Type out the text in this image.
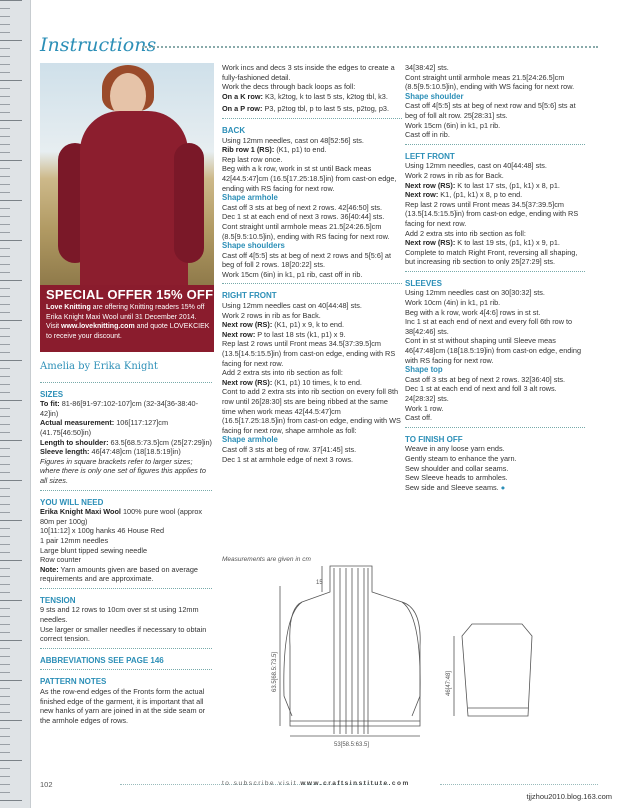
Instructions
SPECIAL OFFER 15% OFF
Love Knitting are offering Knitting readers 15% off Erika Knight Maxi Wool until 31 December 2014.
Visit www.loveknitting.com and quote LOVEKCIEK to receive your discount.

Amelia by Erika Knight

SIZES

To fit: 81-86[91-97:102-107]cm (32-34[36-38:40-42]in)

Actual measurement: 106[117:127]cm (41.75[46:50]in)

Length to shoulder: 63.5[68.5:73.5]cm (25[27:29]in)

Sleeve length: 46[47:48]cm (18[18.5:19]in)

Figures in square brackets refer to larger sizes; where there is only one set of figures this applies to all sizes.

YOU WILL NEED

Erika Knight Maxi Wool 100% pure wool (approx 80m per 100g)

10[11:12] x 100g hanks 46 House Red

1 pair 12mm needles

Large blunt tipped sewing needle

Row counter

Note: Yarn amounts given are based on average requirements and are approximate.

TENSION

9 sts and 12 rows to 10cm over st st using 12mm needles.

Use larger or smaller needles if necessary to obtain correct tension.

ABBREVIATIONS SEE PAGE 146

PATTERN NOTES

As the row-end edges of the Fronts form the actual finished edge of the garment, it is important that all new hanks of yarn are joined in at the side seam or the armhole edges of rows.

Work incs and decs 3 sts inside the edges to create a fully-fashioned detail.

Work the decs through back loops as foll:

On a K row: K3, k2tog, k to last 5 sts, k2tog tbl, k3.

On a P row: P3, p2tog tbl, p to last 5 sts, p2tog, p3.

BACK

Using 12mm needles, cast on 48[52:56] sts.

Rib row 1 (RS): (K1, p1) to end.

Rep last row once.

Beg with a k row, work in st st until Back meas 42[44.5:47]cm (16.5[17.25:18.5]in) from cast-on edge, ending with RS facing for next row.

Shape armhole

Cast off 3 sts at beg of next 2 rows. 42[46:50] sts.

Dec 1 st at each end of next 3 rows. 36[40:44] sts.

Cont straight until armhole meas 21.5[24:26.5]cm (8.5[9.5:10.5]in), ending with RS facing for next row.

Shape shoulders

Cast off 4[5:5] sts at beg of next 2 rows and 5[5:6] at beg of foll 2 rows. 18[20:22] sts.

Work 15cm (6in) in k1, p1 rib, cast off in rib.

RIGHT FRONT

Using 12mm needles cast on 40[44:48] sts.

Work 2 rows in rib as for Back.

Next row (RS): (K1, p1) x 9, k to end.

Next row: P to last 18 sts (k1, p1) x 9.

Rep last 2 rows until Front meas 34.5[37:39.5]cm (13.5[14.5:15.5]in) from cast-on edge, ending with RS facing for next row.

Add 2 extra sts into rib section as foll:

Next row (RS): (K1, p1) 10 times, k to end.

Cont to add 2 extra sts into rib section on every foll 8th row until 26[28:30] sts are being ribbed at the same time when work meas 42[44.5:47]cm (16.5[17.25:18.5]in) from cast-on edge, ending with WS facing for next row, shape armhole as foll:

Shape armhole

Cast off 3 sts at beg of row. 37[41:45] sts.

Dec 1 st at armhole edge of next 3 rows.

34[38:42] sts.

Cont straight until armhole meas 21.5[24:26.5]cm (8.5[9.5:10.5]in), ending with WS facing for next row.

Shape shoulder

Cast off 4[5:5] sts at beg of next row and 5[5:6] sts at beg of foll alt row. 25[28:31] sts.

Work 15cm (6in) in k1, p1 rib.

Cast off in rib.

LEFT FRONT

Using 12mm needles, cast on 40[44:48] sts.

Work 2 rows in rib as for Back.

Next row (RS): K to last 17 sts, (p1, k1) x 8, p1.

Next row: K1, (p1, k1) x 8, p to end.

Rep last 2 rows until Front meas 34.5[37:39.5]cm (13.5[14.5:15.5]in) from cast-on edge, ending with RS facing for next row.

Add 2 extra sts into rib section as foll:

Next row (RS): K to last 19 sts, (p1, k1) x 9, p1.

Complete to match Right Front, reversing all shaping, but increasing rib section to only 25[27:29] sts.

SLEEVES

Using 12mm needles cast on 30[30:32] sts.

Work 10cm (4in) in k1, p1 rib.

Beg with a k row, work 4[4:6] rows in st st.

Inc 1 st at each end of next and every foll 6th row to 38[42:46] sts.

Cont in st st without shaping until Sleeve meas 46[47:48]cm (18[18.5:19]in) from cast-on edge, ending with RS facing for next row.

Shape top

Cast off 3 sts at beg of next 2 rows. 32[36:40] sts.

Dec 1 st at each end of next and foll 3 alt rows. 24[28:32] sts.

Work 1 row.

Cast off.

TO FINISH OFF

Weave in any loose yarn ends.

Gently steam to enhance the yarn.

Sew shoulder and collar seams.

Sew Sleeve heads to armholes.

Sew side and Sleeve seams. ●

Measurements are given in cm
15
63.5[68.5:73.5]
53[58.5:63.5]
46[47:48]
102	to subscribe visit www.craftsinstitute.com
tjjzhou2010.blog.163.com
